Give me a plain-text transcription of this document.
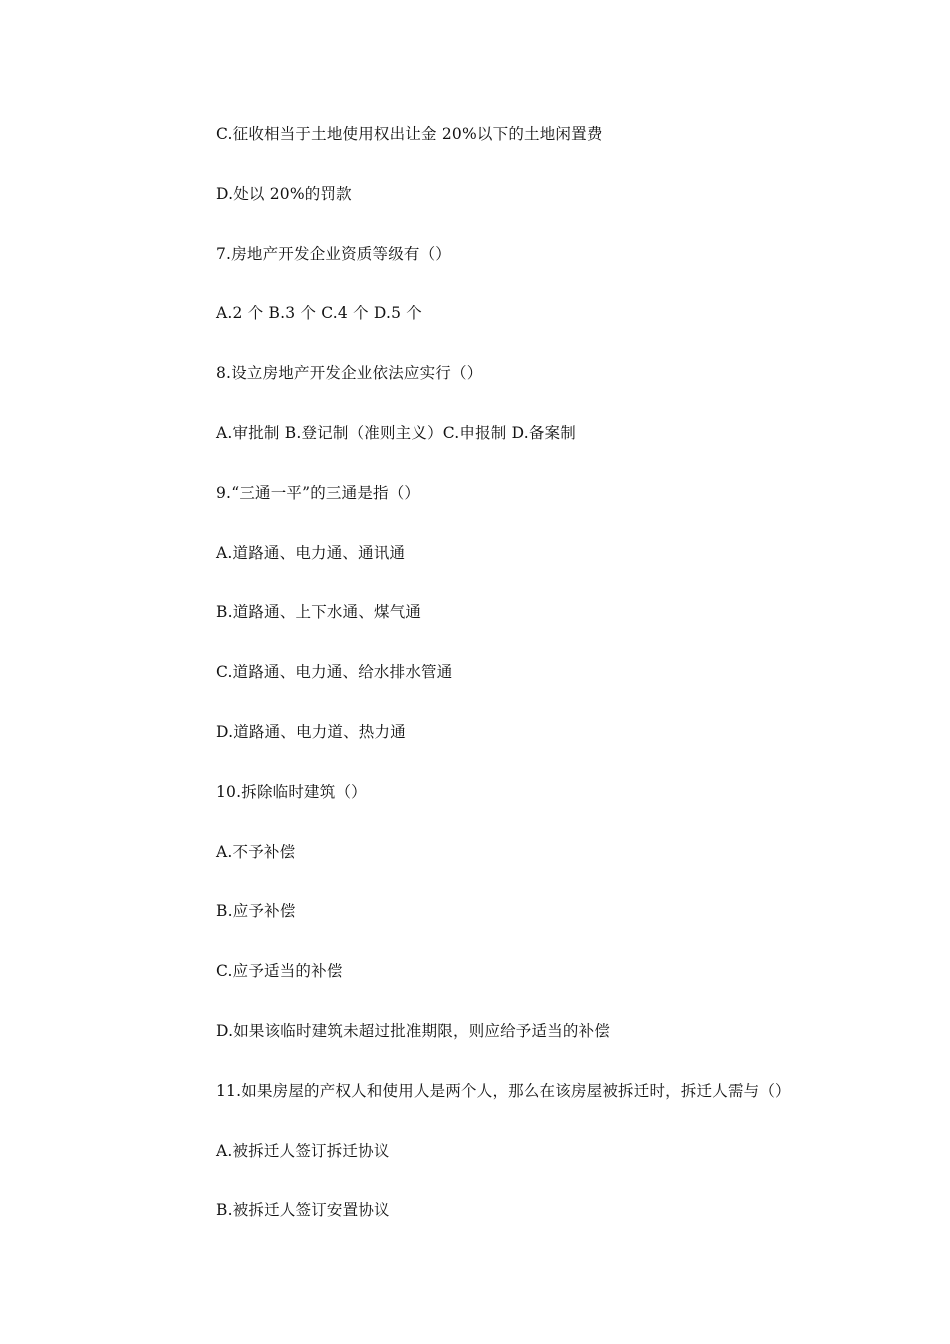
C.征收相当于土地使用权出让金 20%以下的土地闲置费
D.处以 20%的罚款
7.房地产开发企业资质等级有（）
A.2 个 B.3 个 C.4 个 D.5 个
8.设立房地产开发企业依法应实行（）
A.审批制 B.登记制（准则主义）C.申报制 D.备案制
9.“三通一平”的三通是指（）
A.道路通、电力通、通讯通
B.道路通、上下水通、煤气通
C.道路通、电力通、给水排水管通
D.道路通、电力道、热力通
10.拆除临时建筑（）
A.不予补偿
B.应予补偿
C.应予适当的补偿
D.如果该临时建筑未超过批准期限，则应给予适当的补偿
11.如果房屋的产权人和使用人是两个人，那么在该房屋被拆迁时，拆迁人需与（）
A.被拆迁人签订拆迁协议
B.被拆迁人签订安置协议
